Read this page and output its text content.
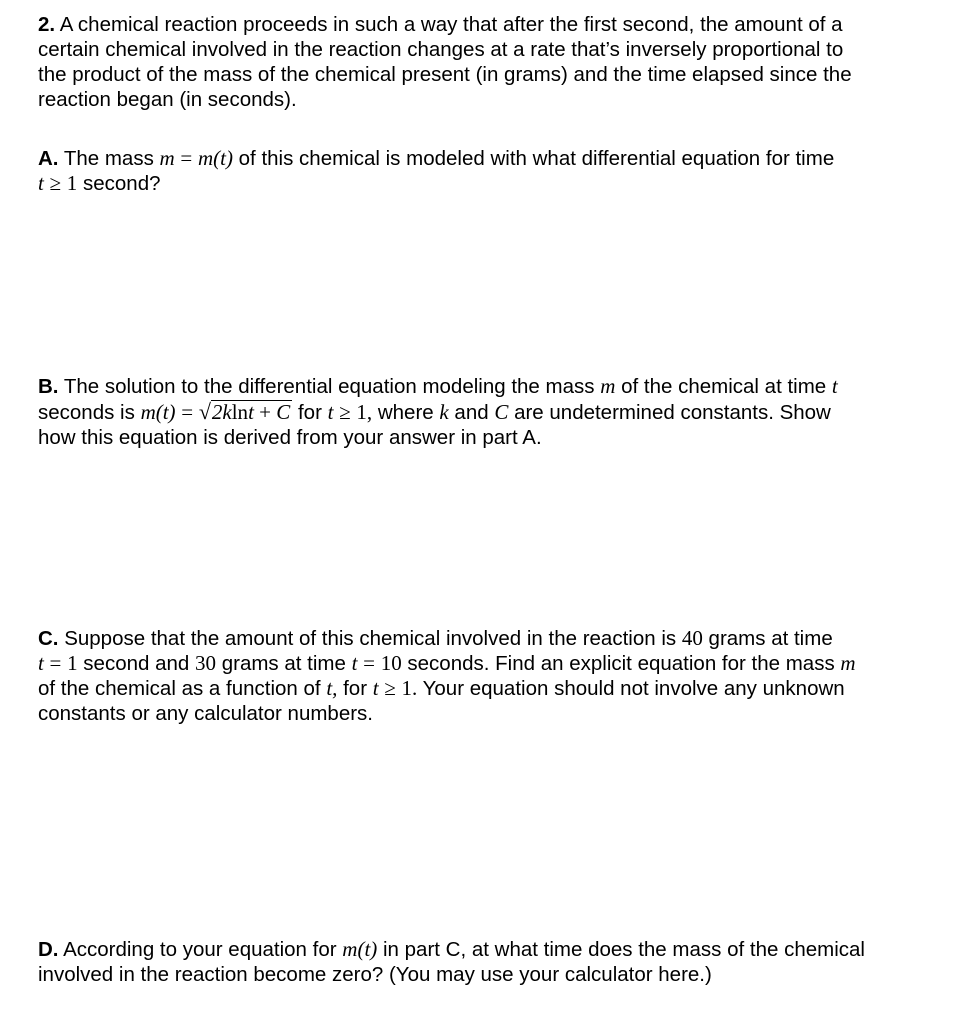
2. A chemical reaction proceeds in such a way that after the first second, the amount of a
certain chemical involved in the reaction changes at a rate that’s inversely proportional to
the product of the mass of the chemical present (in grams) and the time elapsed since the
reaction began (in seconds).
A. The mass m = m(t) of this chemical is modeled with what differential equation for time
t ≥ 1 second?
B. The solution to the differential equation modeling the mass m of the chemical at time t
seconds is m(t) = √2klnt + C for t ≥ 1, where k and C are undetermined constants. Show
how this equation is derived from your answer in part A.
C. Suppose that the amount of this chemical involved in the reaction is 40 grams at time
t = 1 second and 30 grams at time t = 10 seconds. Find an explicit equation for the mass m
of the chemical as a function of t, for t ≥ 1. Your equation should not involve any unknown
constants or any calculator numbers.
D. According to your equation for m(t) in part C, at what time does the mass of the chemical
involved in the reaction become zero? (You may use your calculator here.)
